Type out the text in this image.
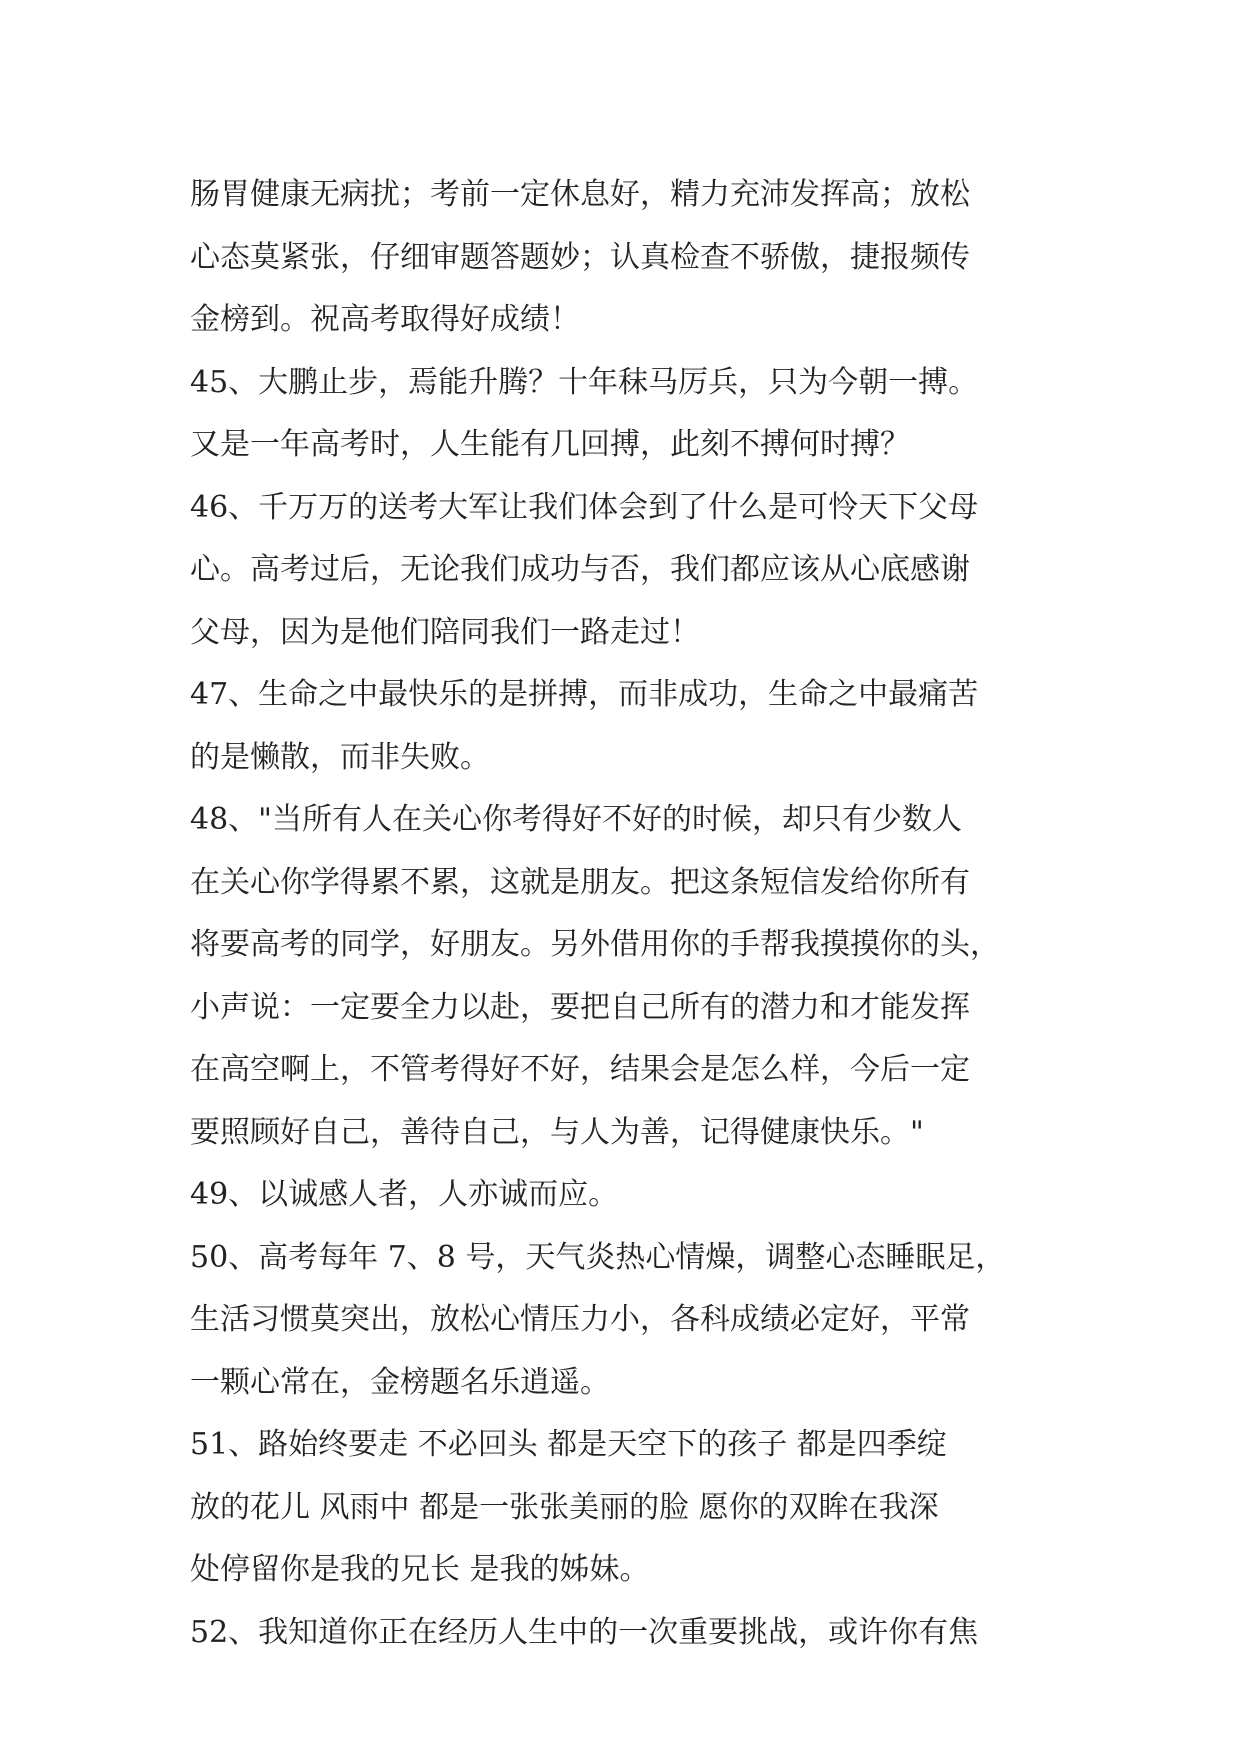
肠胃健康无病扰；考前一定休息好，精力充沛发挥高；放松
心态莫紧张，仔细审题答题妙；认真检查不骄傲，捷报频传
金榜到。祝高考取得好成绩！
45、大鹏止步，焉能升腾？十年秣马厉兵，只为今朝一搏。
又是一年高考时，人生能有几回搏，此刻不搏何时搏？
46、千万万的送考大军让我们体会到了什么是可怜天下父母
心。高考过后，无论我们成功与否，我们都应该从心底感谢
父母，因为是他们陪同我们一路走过！
47、生命之中最快乐的是拼搏，而非成功，生命之中最痛苦
的是懒散，而非失败。
48、"当所有人在关心你考得好不好的时候，却只有少数人
在关心你学得累不累，这就是朋友。把这条短信发给你所有
将要高考的同学，好朋友。另外借用你的手帮我摸摸你的头，
小声说：一定要全力以赴，要把自己所有的潜力和才能发挥
在高空啊上，不管考得好不好，结果会是怎么样，今后一定
要照顾好自己，善待自己，与人为善，记得健康快乐。"
49、以诚感人者，人亦诚而应。
50、高考每年 7、8 号，天气炎热心情燥，调整心态睡眠足，
生活习惯莫突出，放松心情压力小，各科成绩必定好，平常
一颗心常在，金榜题名乐逍遥。
51、路始终要走 不必回头 都是天空下的孩子 都是四季绽
放的花儿 风雨中 都是一张张美丽的脸 愿你的双眸在我深
处停留你是我的兄长 是我的姊妹。
52、我知道你正在经历人生中的一次重要挑战，或许你有焦
